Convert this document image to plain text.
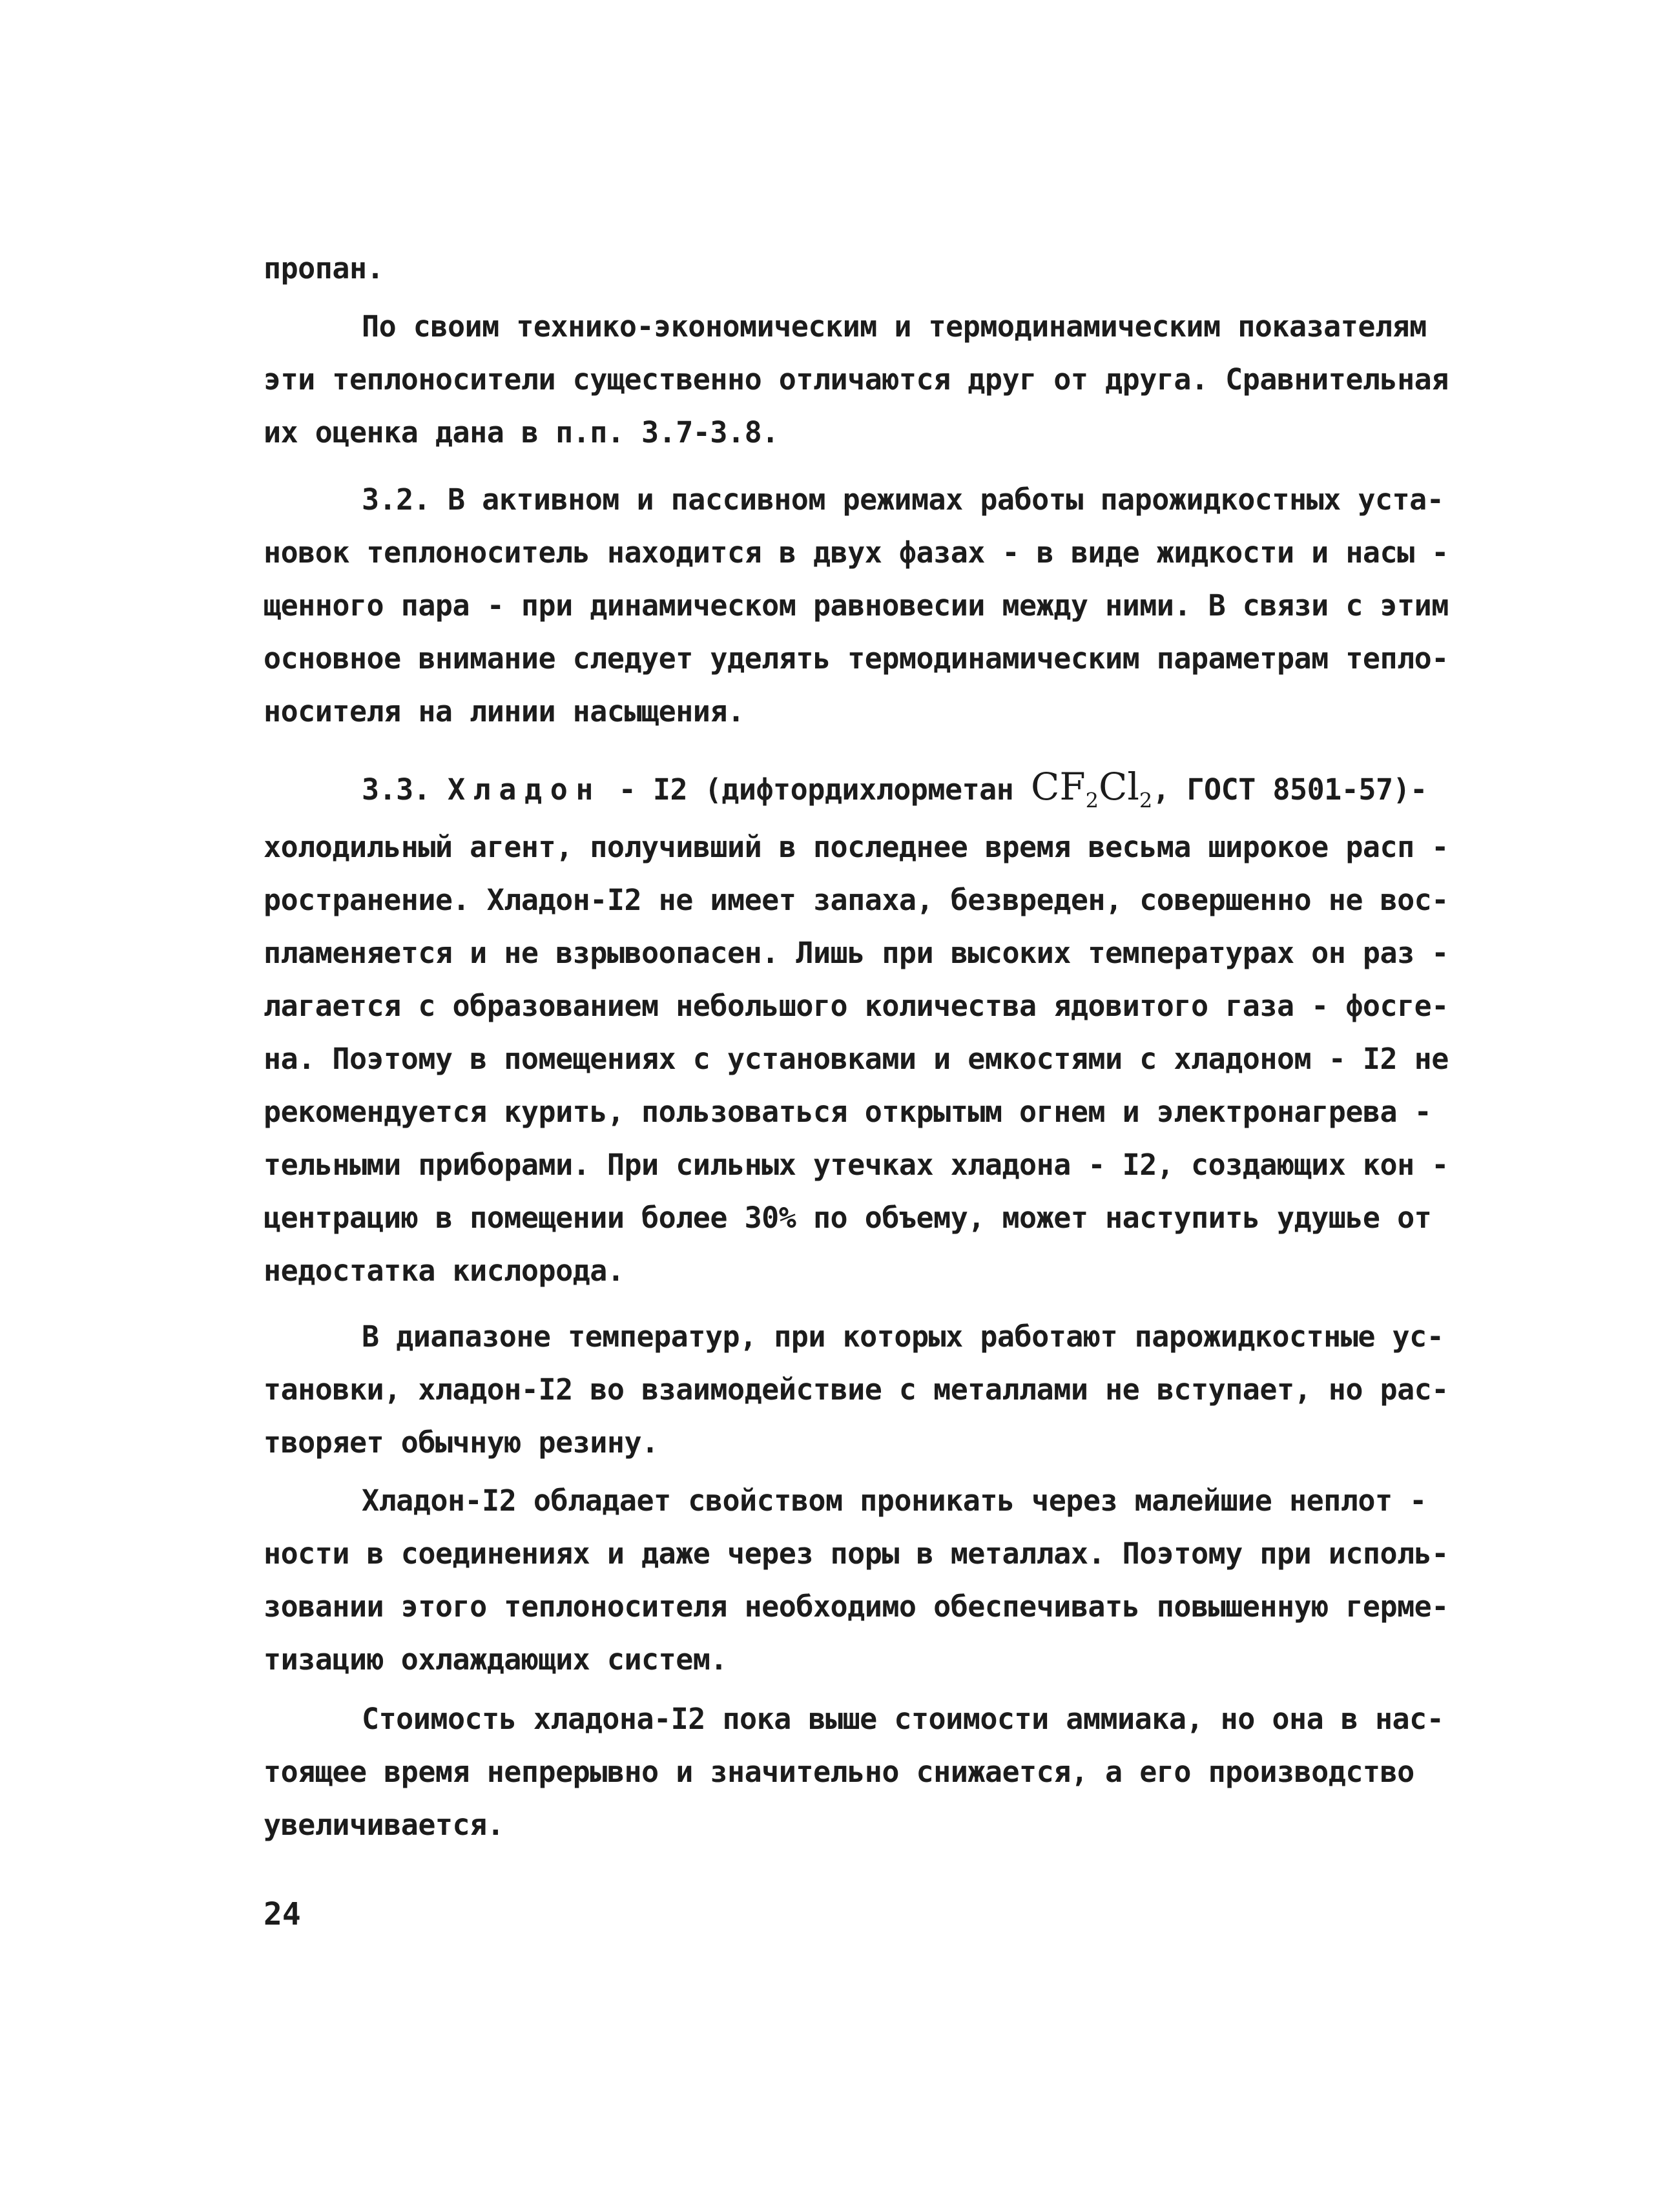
пропан.
По своим технико-экономическим и термодинамическим показателям
эти теплоносители существенно отличаются друг от друга. Сравнительная
их оценка дана в п.п. 3.7-3.8.
3.2. В активном и пассивном режимах работы парожидкостных уста-
новок теплоноситель находится в двух фазах - в виде жидкости и насы -
щенного пара - при динамическом равновесии между ними. В связи с этим
основное внимание следует уделять термодинамическим параметрам тепло-
носителя на линии насыщения.
3.3. Хладон - I2 (дифтордихлорметан $CF_2Cl_2$, ГОСТ 8501-57)-
холодильный агент, получивший в последнее время весьма широкое расп -
ространение. Хладон-I2 не имеет запаха, безвреден, совершенно не вос-
пламеняется и не взрывоопасен. Лишь при высоких температурах он раз -
лагается с образованием небольшого количества ядовитого газа - фосге-
на. Поэтому в помещениях с установками и емкостями с хладоном - I2 не
рекомендуется курить, пользоваться открытым огнем и электронагрева -
тельными приборами. При сильных утечках хладона - I2, создающих кон -
центрацию в помещении более 30% по объему, может наступить удушье от
недостатка кислорода.
В диапазоне температур, при которых работают парожидкостные ус-
тановки, хладон-I2 во взаимодействие с металлами не вступает, но рас-
творяет обычную резину.
Хладон-I2 обладает свойством проникать через малейшие неплот -
ности в соединениях и даже через поры в металлах. Поэтому при исполь-
зовании этого теплоносителя необходимо обеспечивать повышенную герме-
тизацию охлаждающих систем.
Стоимость хладона-I2 пока выше стоимости аммиака, но она в нас-
тоящее время непрерывно и значительно снижается, а его производство
увеличивается.
24
